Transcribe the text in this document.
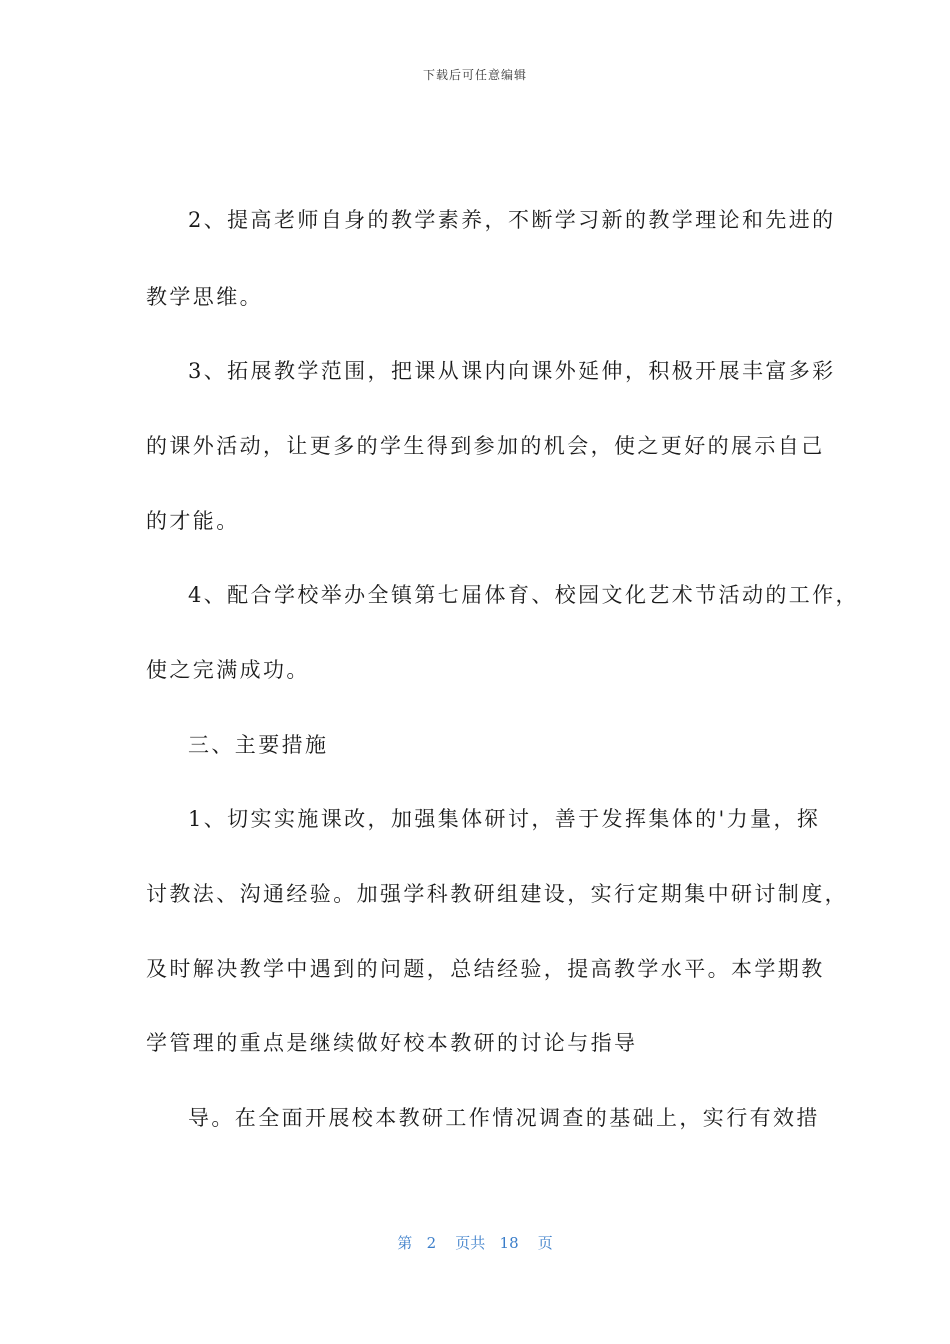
下载后可任意编辑
2、提高老师自身的教学素养，不断学习新的教学理论和先进的
教学思维。
3、拓展教学范围，把课从课内向课外延伸，积极开展丰富多彩
的课外活动，让更多的学生得到参加的机会，使之更好的展示自己
的才能。
4、配合学校举办全镇第七届体育、校园文化艺术节活动的工作，
使之完满成功。
三、主要措施
1、切实实施课改，加强集体研讨，善于发挥集体的'力量，探
讨教法、沟通经验。加强学科教研组建设，实行定期集中研讨制度，
及时解决教学中遇到的问题，总结经验，提高教学水平。本学期教
学管理的重点是继续做好校本教研的讨论与指导
导。在全面开展校本教研工作情况调查的基础上，实行有效措
第 2 页共 18 页
